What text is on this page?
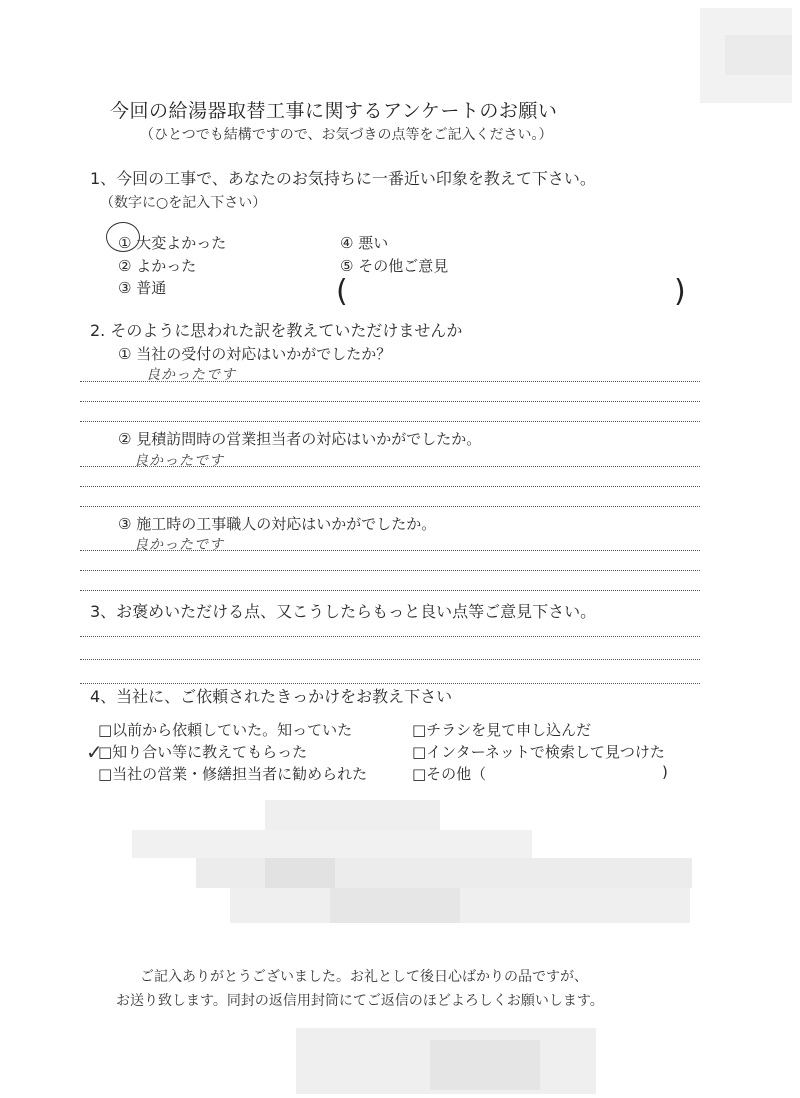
今回の給湯器取替工事に関するアンケートのお願い
（ひとつでも結構ですので、お気づきの点等をご記入ください。）
1、今回の工事で、あなたのお気持ちに一番近い印象を教えて下さい。
（数字に○を記入下さい）
① 大変よかった
② よかった
③ 普通
④ 悪い
⑤ その他ご意見
(	)
2. そのように思われた訳を教えていただけませんか
① 当社の受付の対応はいかがでしたか？
良かったです
② 見積訪問時の営業担当者の対応はいかがでしたか。
良かったです
③ 施工時の工事職人の対応はいかがでしたか。
良かったです
3、お褒めいただける点、又こうしたらもっと良い点等ご意見下さい。
4、当社に、ご依頼されたきっかけをお教え下さい
□以前から依頼していた。知っていた
□知り合い等に教えてもらった
✓
□当社の営業・修繕担当者に勧められた
□チラシを見て申し込んだ
□インターネットで検索して見つけた
□その他（	)
ご記入ありがとうございました。お礼として後日心ばかりの品ですが、
お送り致します。同封の返信用封筒にてご返信のほどよろしくお願いします。
